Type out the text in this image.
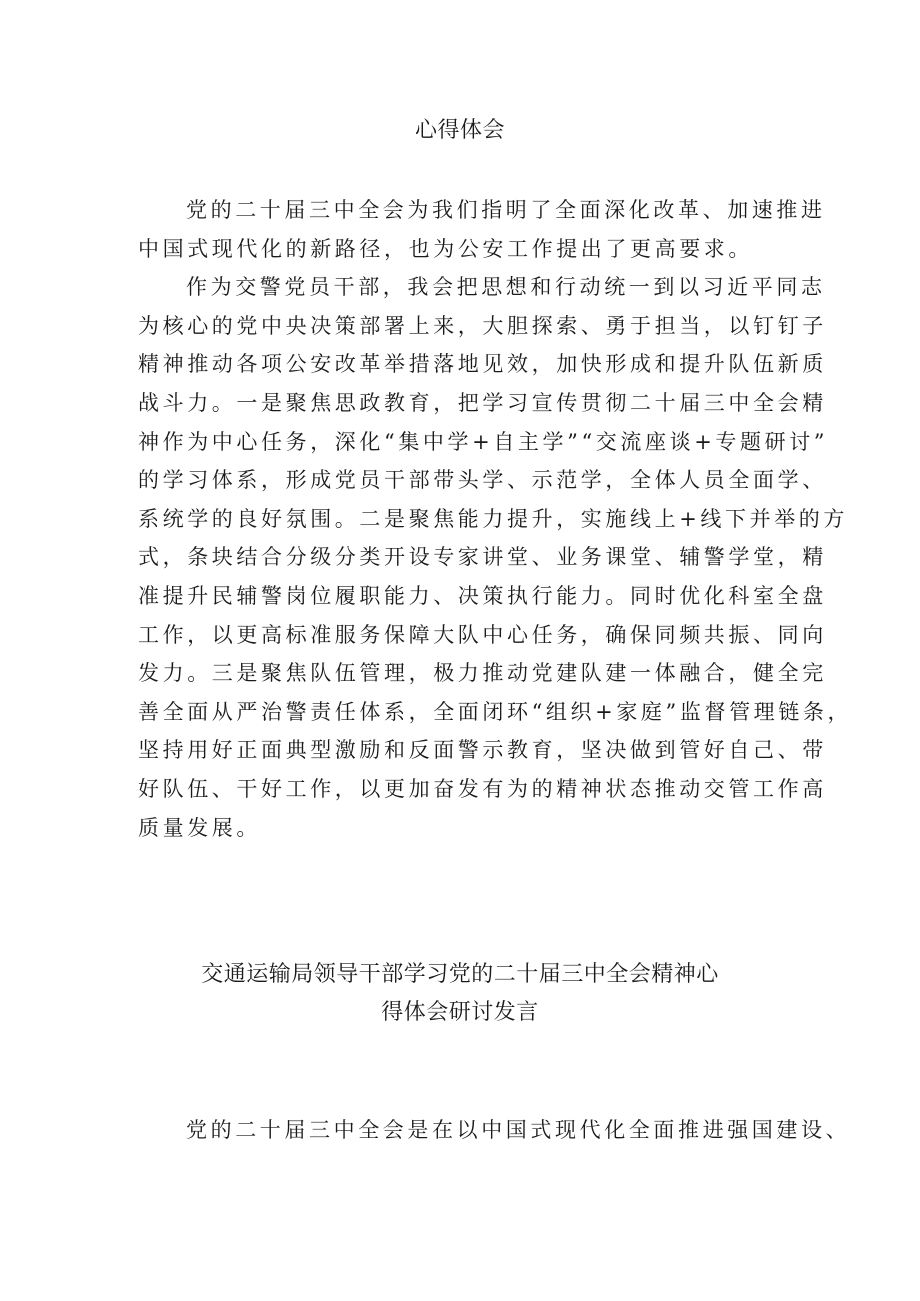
心得体会
党的二十届三中全会为我们指明了全面深化改革、加速推进
中国式现代化的新路径，也为公安工作提出了更高要求。
作为交警党员干部，我会把思想和行动统一到以习近平同志
为核心的党中央决策部署上来，大胆探索、勇于担当，以钉钉子
精神推动各项公安改革举措落地见效，加快形成和提升队伍新质
战斗力。一是聚焦思政教育，把学习宣传贯彻二十届三中全会精
神作为中心任务，深化“集中学+自主学”“交流座谈+专题研讨”
的学习体系，形成党员干部带头学、示范学，全体人员全面学、
系统学的良好氛围。二是聚焦能力提升，实施线上+线下并举的方
式，条块结合分级分类开设专家讲堂、业务课堂、辅警学堂，精
准提升民辅警岗位履职能力、决策执行能力。同时优化科室全盘
工作，以更高标准服务保障大队中心任务，确保同频共振、同向
发力。三是聚焦队伍管理，极力推动党建队建一体融合，健全完
善全面从严治警责任体系，全面闭环“组织+家庭”监督管理链条，
坚持用好正面典型激励和反面警示教育，坚决做到管好自己、带
好队伍、干好工作，以更加奋发有为的精神状态推动交管工作高
质量发展。
交通运输局领导干部学习党的二十届三中全会精神心
得体会研讨发言
党的二十届三中全会是在以中国式现代化全面推进强国建设、
